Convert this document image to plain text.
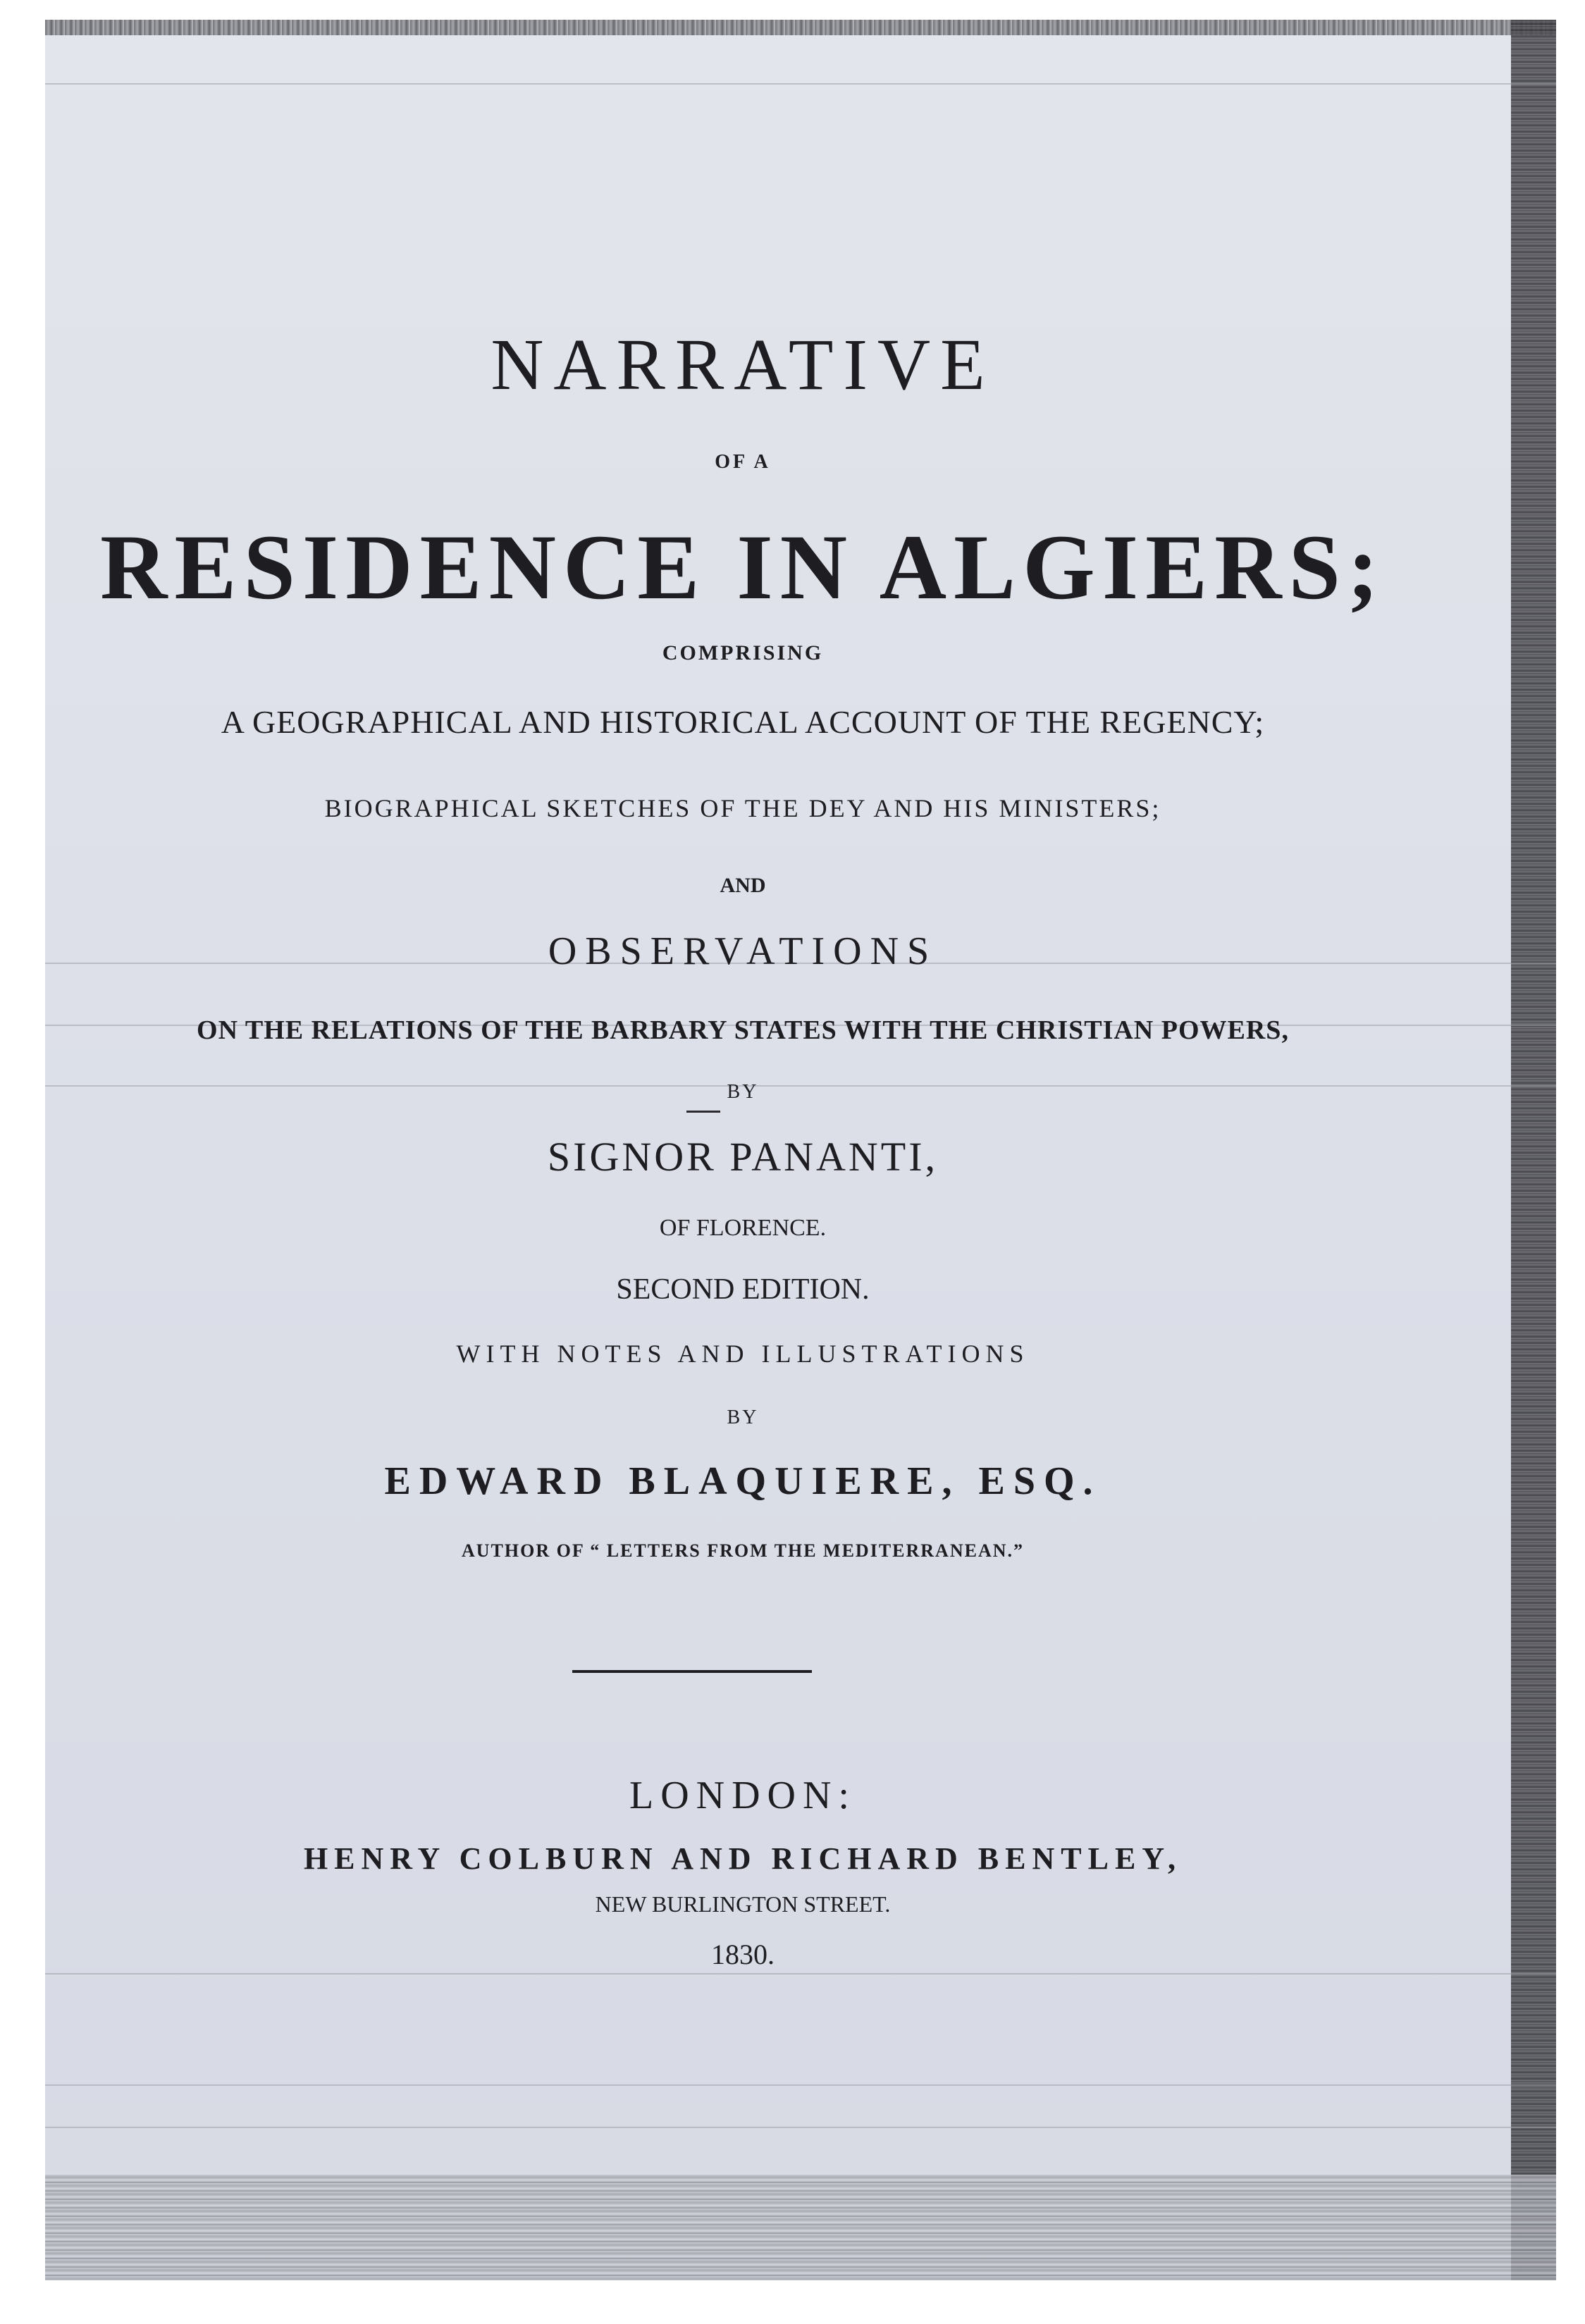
NARRATIVE

OF A

RESIDENCE IN ALGIERS;

COMPRISING

A GEOGRAPHICAL AND HISTORICAL ACCOUNT OF THE REGENCY;

BIOGRAPHICAL SKETCHES OF THE DEY AND HIS MINISTERS;

AND

OBSERVATIONS

ON THE RELATIONS OF THE BARBARY STATES WITH THE CHRISTIAN POWERS,

BY

SIGNOR PANANTI,

OF FLORENCE.

SECOND EDITION.

WITH NOTES AND ILLUSTRATIONS

BY

EDWARD BLAQUIERE, ESQ.

AUTHOR OF “ LETTERS FROM THE MEDITERRANEAN.”

LONDON:

HENRY COLBURN AND RICHARD BENTLEY,

NEW BURLINGTON STREET.

1830.
